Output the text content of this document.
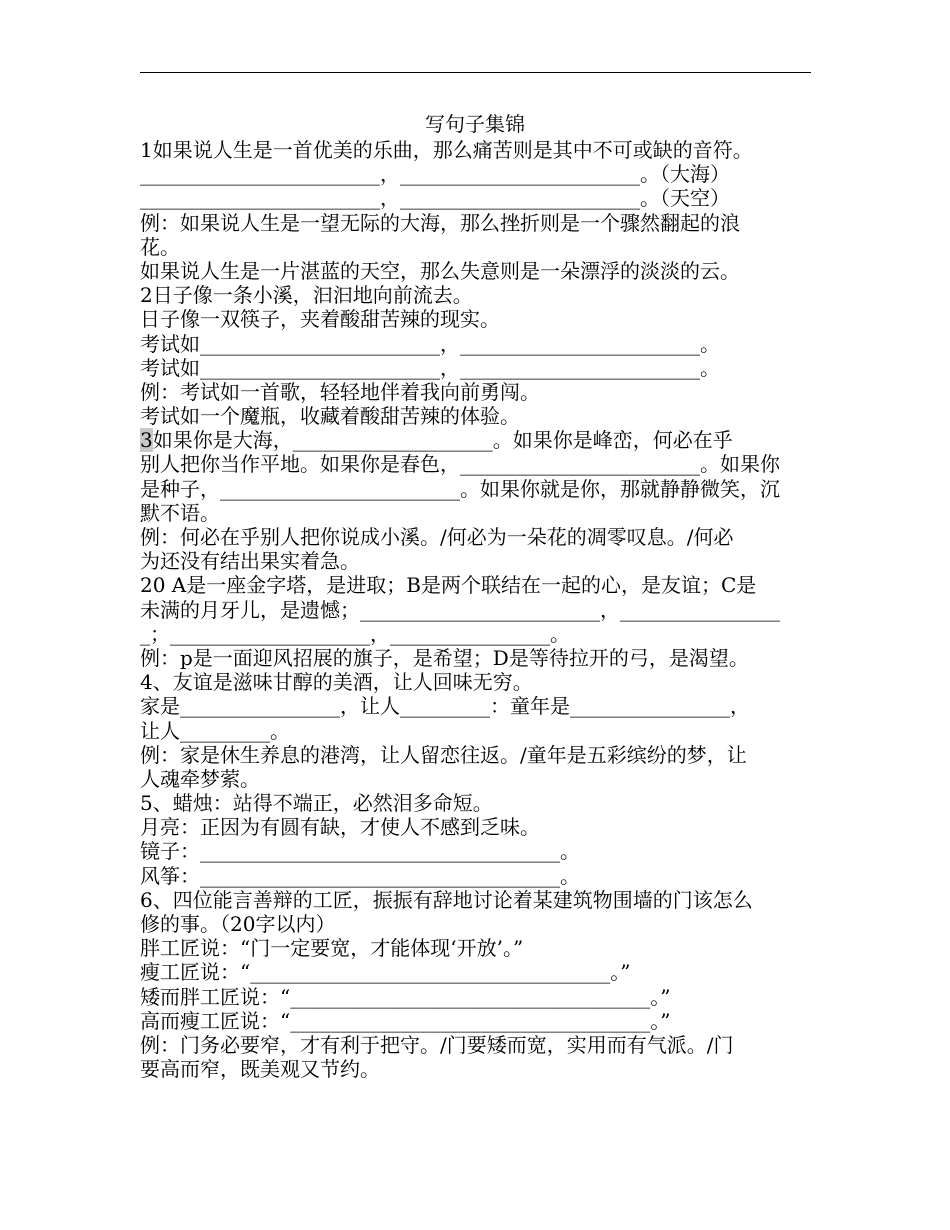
写句子集锦
1如果说人生是一首优美的乐曲，那么痛苦则是其中不可或缺的音符。
________________________，________________________。（大海）
________________________，________________________。（天空）
例：如果说人生是一望无际的大海，那么挫折则是一个骤然翻起的浪
花。
如果说人生是一片湛蓝的天空，那么失意则是一朵漂浮的淡淡的云。
2日子像一条小溪，汩汩地向前流去。
日子像一双筷子，夹着酸甜苦辣的现实。
考试如________________________，________________________。
考试如________________________，________________________。
例：考试如一首歌，轻轻地伴着我向前勇闯。
考试如一个魔瓶，收藏着酸甜苦辣的体验。
3如果你是大海，____________________。如果你是峰峦，何必在乎
别人把你当作平地。如果你是春色，________________________。如果你
是种子，________________________。如果你就是你，那就静静微笑，沉
默不语。
例：何必在乎别人把你说成小溪。/何必为一朵花的凋零叹息。/何必
为还没有结出果实着急。
20 A是一座金字塔，是进取；B是两个联结在一起的心，是友谊；C是
未满的月牙儿，是遗憾；________________________，________________
_；____________________，________________。
例：p是一面迎风招展的旗子，是希望；D是等待拉开的弓，是渴望。
4、友谊是滋味甘醇的美酒，让人回味无穷。
家是________________，让人_________：童年是________________，
让人_________。
例：家是休生养息的港湾，让人留恋往返。/童年是五彩缤纷的梦，让
人魂牵梦萦。
5、蜡烛：站得不端正，必然泪多命短。
月亮：正因为有圆有缺，才使人不感到乏味。
镜子：____________________________________。
风筝：____________________________________。
6、四位能言善辩的工匠，振振有辞地讨论着某建筑物围墙的门该怎么
修的事。（20字以内）
胖工匠说：“门一定要宽，才能体现‘开放’。”
瘦工匠说：“____________________________________。”
矮而胖工匠说：“____________________________________。”
高而瘦工匠说：“____________________________________。”
例：门务必要窄，才有利于把守。/门要矮而宽，实用而有气派。/门
要高而窄，既美观又节约。
